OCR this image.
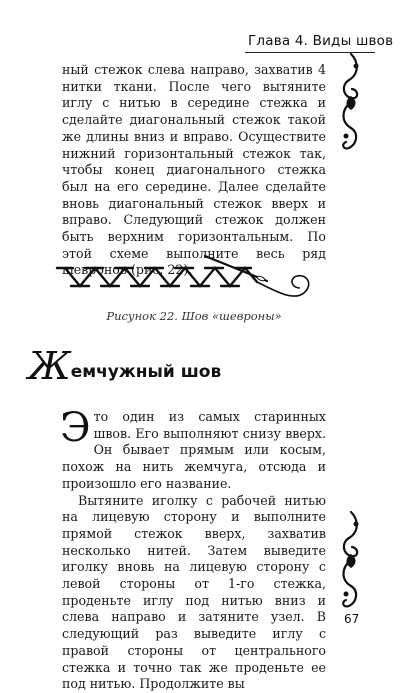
Глава 4. Виды швов

ный стежок слева направо, захватив 4 нитки ткани. После чего вытяните иглу с нитью в середине стежка и сделайте диагональный стежок такой же длины вниз и вправо. Осуществите нижний горизонтальный стежок так, чтобы конец диагонального стежка был на его середине. Далее сделайте вновь диагональный стежок вверх и вправо. Следующий стежок должен быть верхним горизонтальным. По этой схеме выполните весь ряд шевронов (рис. 22).

Рисунок 22. Шов «шевроны»
Жемчужный шов

Это один из самых старинных швов. Его выполняют снизу вверх. Он бывает прямым или косым, похож на нить жемчуга, отсюда и произошло его название.

Вытяните иголку с рабочей нитью на лицевую сторону и выполните прямой стежок вверх, захватив несколько нитей. Затем выведите иголку вновь на лицевую сторону с левой стороны от 1-го стежка, проденьте иглу под нитью вниз и слева направо и затяните узел. В следующий раз выведите иглу с правой стороны от центрального стежка и точно так же проденьте ее под нитью. Продолжите вы

67
